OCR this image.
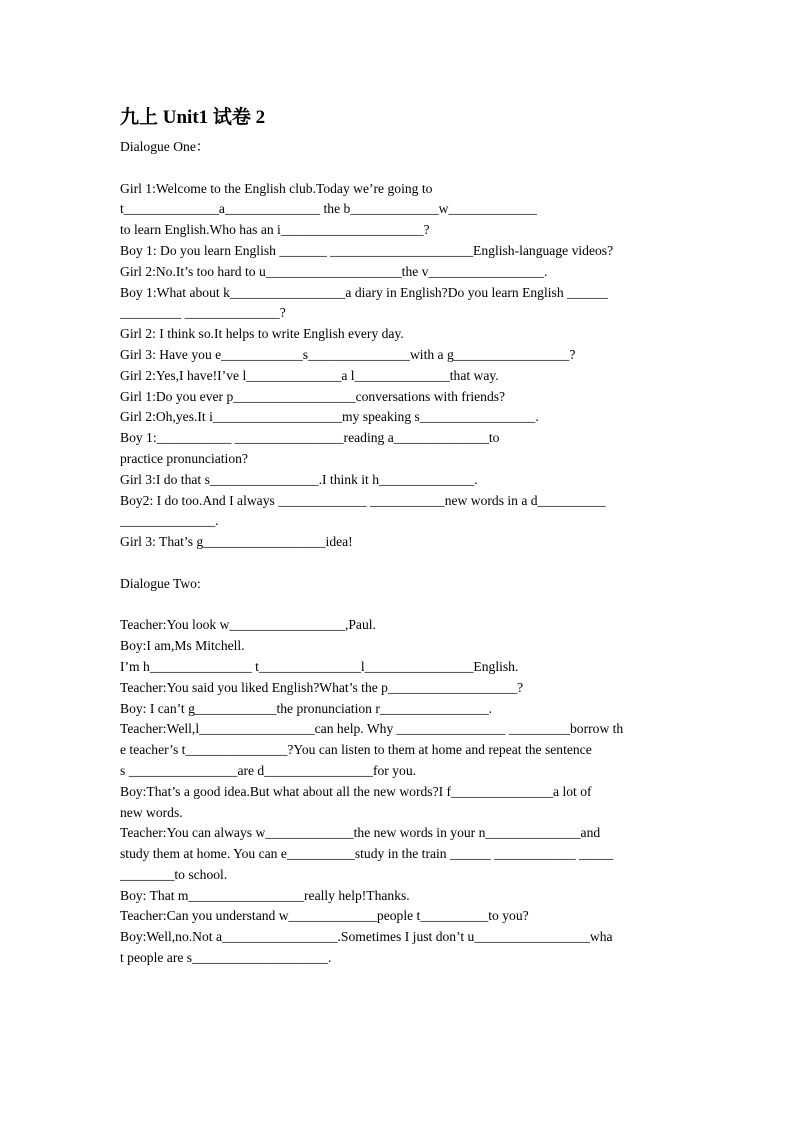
九上 Unit1 试卷 2
Dialogue One：
Girl 1:Welcome to the English club.Today we’re going to
t______________a______________ the b_____________w_____________
to learn English.Who has an i_____________________?
Boy 1: Do you learn English _______ _____________________English-language videos?
Girl 2:No.It’s too hard to u____________________the v_________________.
Boy 1:What about k_________________a diary in English?Do you learn English ______
_________ ______________?
Girl 2: I think so.It helps to write English every day.
Girl 3: Have you e____________s_______________with a g_________________?
Girl 2:Yes,I have!I’ve l______________a l______________that way.
Girl 1:Do you ever p__________________conversations with friends?
Girl 2:Oh,yes.It i___________________my speaking s_________________.
Boy 1:___________ ________________reading a______________to
practice pronunciation?
Girl 3:I do that s________________.I think it h______________.
Boy2: I do too.And I always _____________ ___________new words in a d__________
______________.
Girl 3: That’s g__________________idea!
Dialogue Two:
Teacher:You look w_________________,Paul.
Boy:I am,Ms Mitchell.
I’m h_______________ t_______________l________________English.
Teacher:You said you liked English?What’s the p___________________?
Boy: I can’t g____________the pronunciation r________________.
Teacher:Well,l_________________can help. Why ________________ _________borrow th
e teacher’s t_______________?You can listen to them at home and repeat the sentence
s ________________are d________________for you.
Boy:That’s a good idea.But what about all the new words?I f_______________a lot of
new words.
Teacher:You can always w_____________the new words in your n______________and
study them at home. You can e__________study in the train ______ ____________ _____
________to school.
Boy: That m_________________really help!Thanks.
Teacher:Can you understand w_____________people t__________to you?
Boy:Well,no.Not a_________________.Sometimes I just don’t u_________________wha
t people are s____________________.
